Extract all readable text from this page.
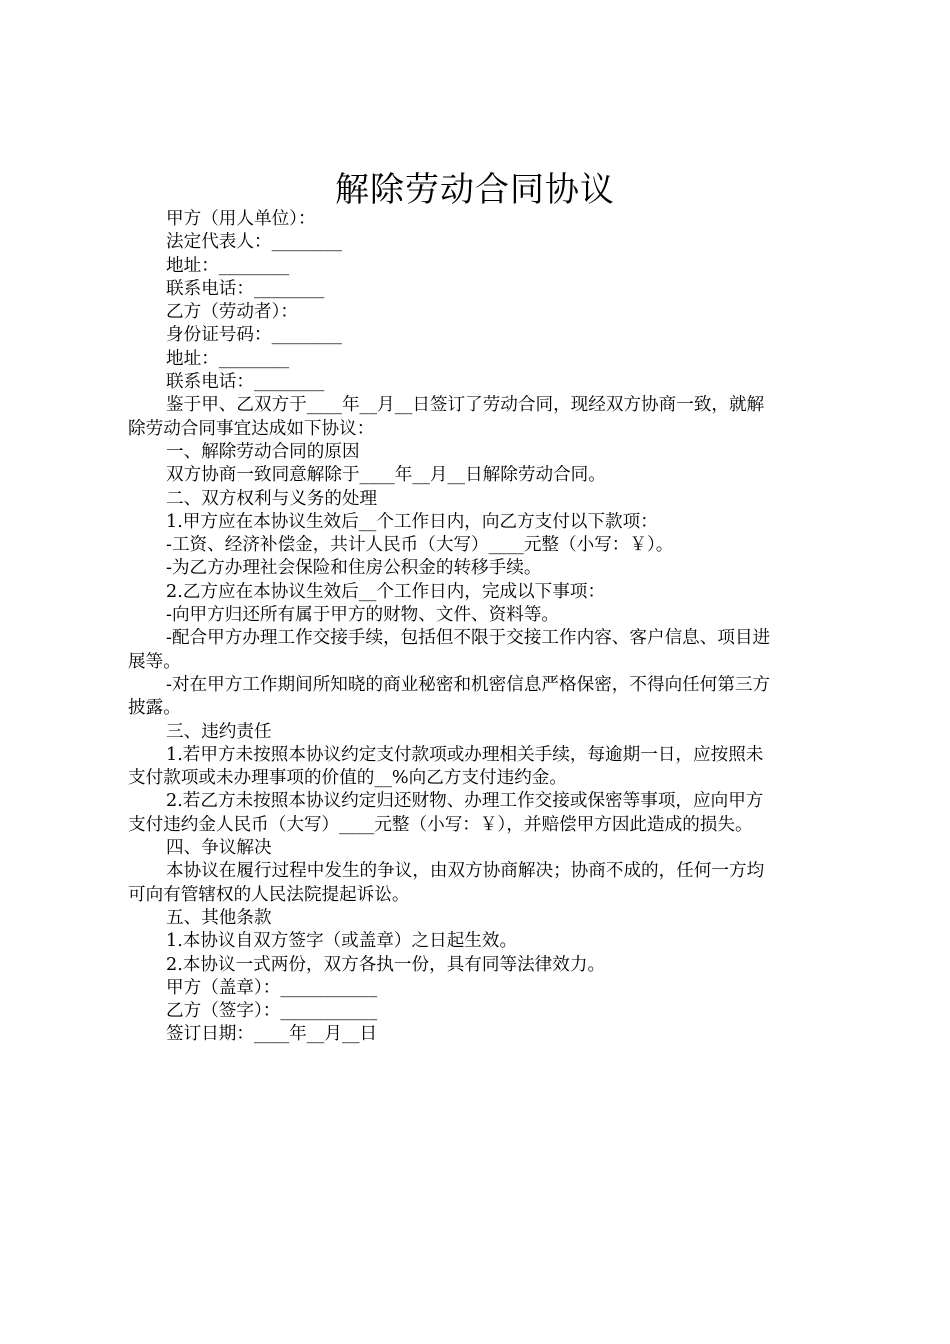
解除劳动合同协议
甲方（用人单位）：
法定代表人：________
地址：________
联系电话：________
乙方（劳动者）：
身份证号码：________
地址：________
联系电话：________
鉴于甲、乙双方于____年__月__日签订了劳动合同，现经双方协商一致，就解
除劳动合同事宜达成如下协议：
一、解除劳动合同的原因
双方协商一致同意解除于____年__月__日解除劳动合同。
二、双方权利与义务的处理
1.甲方应在本协议生效后__个工作日内，向乙方支付以下款项：
-工资、经济补偿金，共计人民币（大写）____元整（小写：￥）。
-为乙方办理社会保险和住房公积金的转移手续。
2.乙方应在本协议生效后__个工作日内，完成以下事项：
-向甲方归还所有属于甲方的财物、文件、资料等。
-配合甲方办理工作交接手续，包括但不限于交接工作内容、客户信息、项目进
展等。
-对在甲方工作期间所知晓的商业秘密和机密信息严格保密，不得向任何第三方
披露。
三、违约责任
1.若甲方未按照本协议约定支付款项或办理相关手续，每逾期一日，应按照未
支付款项或未办理事项的价值的__%向乙方支付违约金。
2.若乙方未按照本协议约定归还财物、办理工作交接或保密等事项，应向甲方
支付违约金人民币（大写）____元整（小写：￥），并赔偿甲方因此造成的损失。
四、争议解决
本协议在履行过程中发生的争议，由双方协商解决；协商不成的，任何一方均
可向有管辖权的人民法院提起诉讼。
五、其他条款
1.本协议自双方签字（或盖章）之日起生效。
2.本协议一式两份，双方各执一份，具有同等法律效力。
甲方（盖章）：___________
乙方（签字）：___________
签订日期：____年__月__日
